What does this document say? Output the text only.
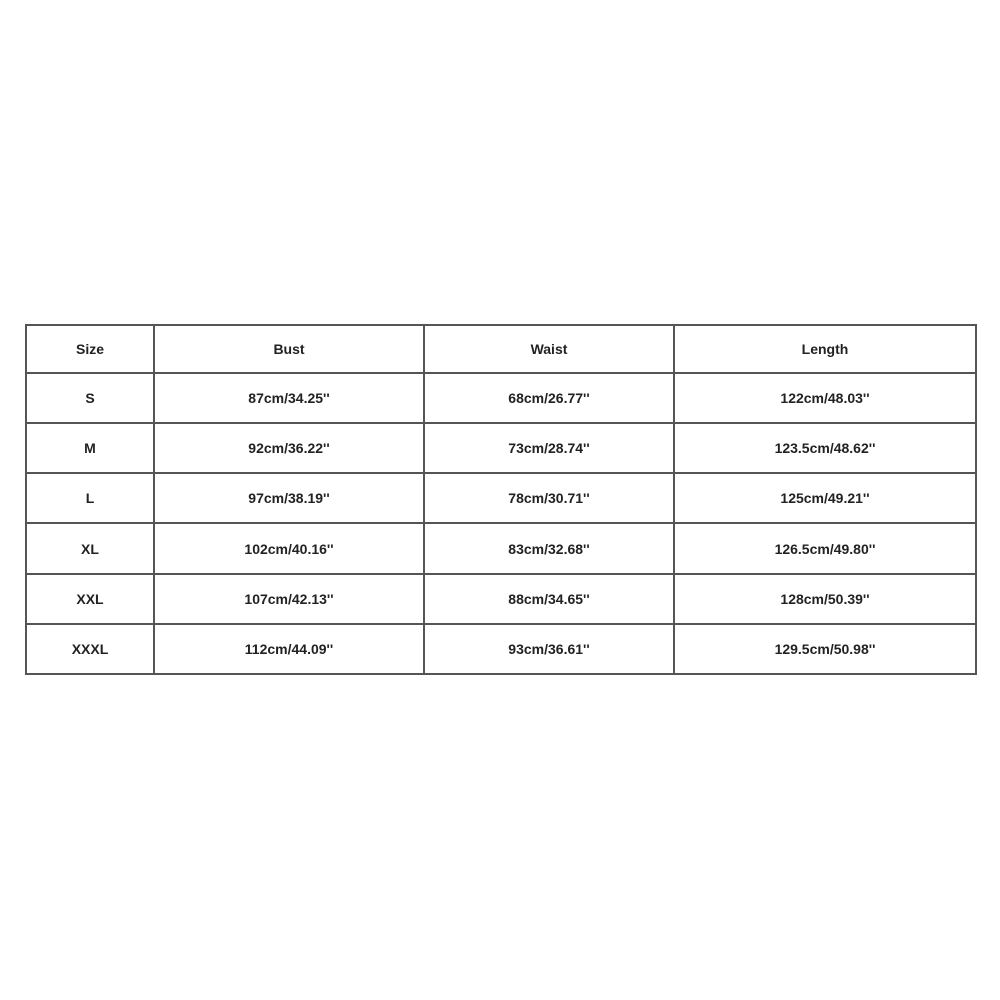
Size	Bust	Waist	Length
S	87cm/34.25''	68cm/26.77''	122cm/48.03''
M	92cm/36.22''	73cm/28.74''	123.5cm/48.62''
L	97cm/38.19''	78cm/30.71''	125cm/49.21''
XL	102cm/40.16''	83cm/32.68''	126.5cm/49.80''
XXL	107cm/42.13''	88cm/34.65''	128cm/50.39''
XXXL	112cm/44.09''	93cm/36.61''	129.5cm/50.98''
